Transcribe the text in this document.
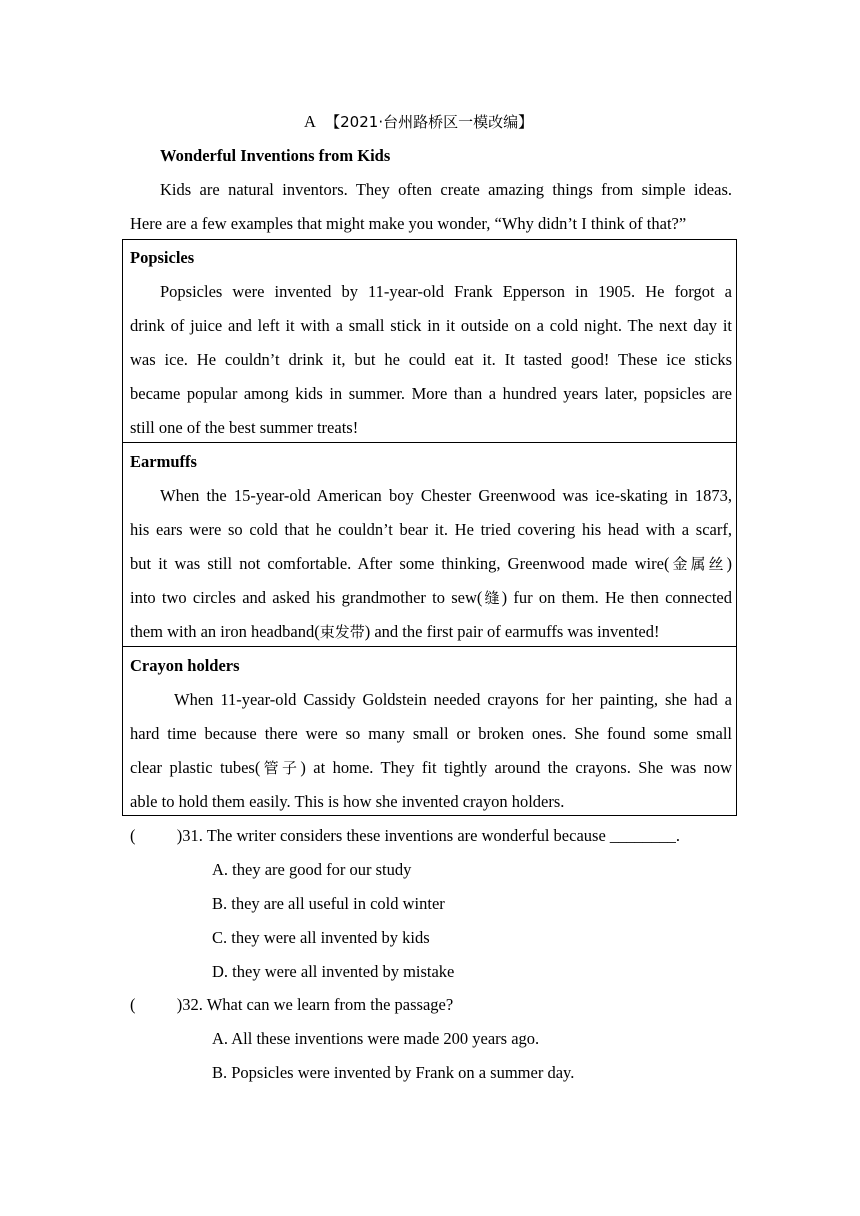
A 【2021·台州路桥区一模改编】
Wonderful Inventions from Kids
Kids are natural inventors. They often create amazing things from simple ideas.
Here are a few examples that might make you wonder, “Why didn’t I think of that?”
Popsicles
Popsicles were invented by 11-year-old Frank Epperson in 1905. He forgot a
drink of juice and left it with a small stick in it outside on a cold night. The next day it
was ice. He couldn’t drink it, but he could eat it. It tasted good! These ice sticks
became popular among kids in summer. More than a hundred years later, popsicles are
still one of the best summer treats!
Earmuffs
When the 15-year-old American boy Chester Greenwood was ice-skating in 1873,
his ears were so cold that he couldn’t bear it. He tried covering his head with a scarf,
but it was still not comfortable. After some thinking, Greenwood made wire(金属丝)
into two circles and asked his grandmother to sew(缝) fur on them. He then connected
them with an iron headband(束发带) and the first pair of earmuffs was invented!
Crayon holders
When 11-year-old Cassidy Goldstein needed crayons for her painting, she had a
hard time because there were so many small or broken ones. She found some small
clear plastic tubes(管子) at home. They fit tightly around the crayons. She was now
able to hold them easily. This is how she invented crayon holders.
(          )31. The writer considers these inventions are wonderful because ________.
A. they are good for our study
B. they are all useful in cold winter
C. they were all invented by kids
D. they were all invented by mistake
(          )32. What can we learn from the passage?
A. All these inventions were made 200 years ago.
B. Popsicles were invented by Frank on a summer day.
